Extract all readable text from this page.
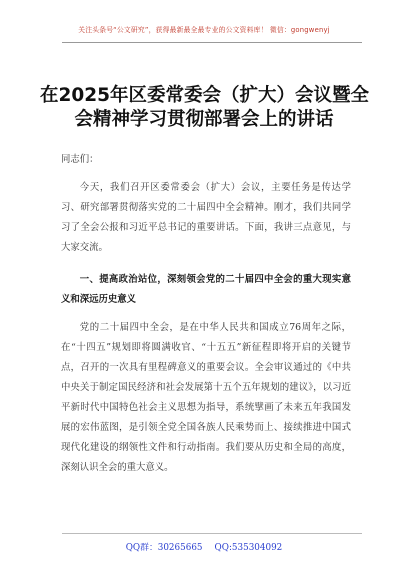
关注头条号“公文研究”，获得最新最全最专业的公文资料库！ 微信：gongwenyj
在2025年区委常委会（扩大）会议暨全
会精神学习贯彻部署会上的讲话

同志们：

今天，我们召开区委常委会（扩大）会议，主要任务是传达学习、研究部署贯彻落实党的二十届四中全会精神。刚才，我们共同学习了全会公报和习近平总书记的重要讲话。下面，我讲三点意见，与大家交流。

一、提高政治站位，深刻领会党的二十届四中全会的重大现实意义和深远历史意义

党的二十届四中全会，是在中华人民共和国成立76周年之际，在“十四五”规划即将圆满收官、“十五五”新征程即将开启的关键节点，召开的一次具有里程碑意义的重要会议。全会审议通过的《中共中央关于制定国民经济和社会发展第十五个五年规划的建议》，以习近平新时代中国特色社会主义思想为指导，系统擘画了未来五年我国发展的宏伟蓝图，是引领全党全国各族人民乘势而上、接续推进中国式现代化建设的纲领性文件和行动指南。我们要从历史和全局的高度，深刻认识全会的重大意义。

QQ群：30265665 QQ:535304092
